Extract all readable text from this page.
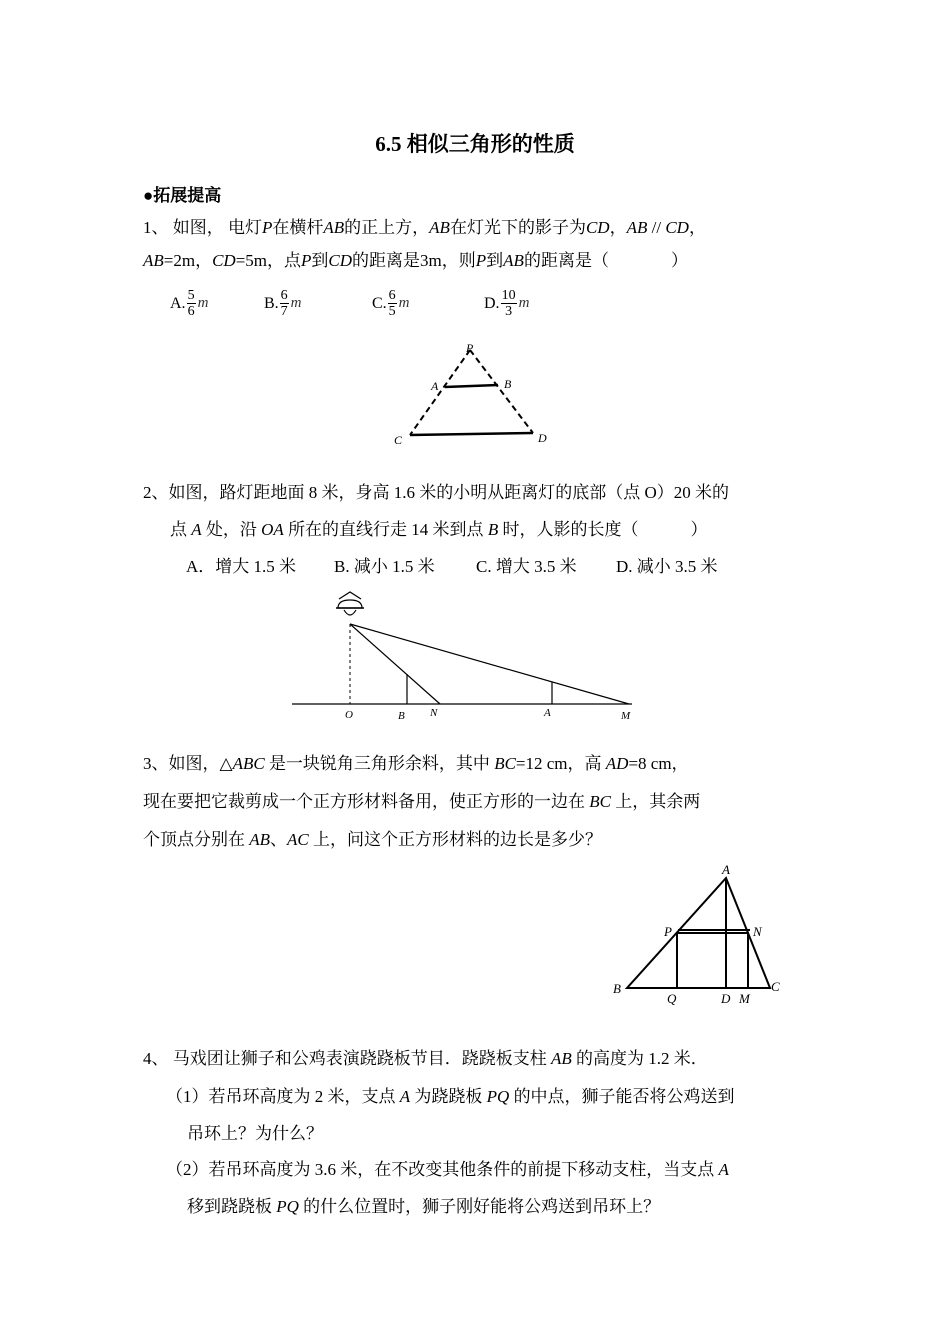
6.5 相似三角形的性质
●拓展提高
1、 如图， 电灯P在横杆AB的正上方，AB在灯光下的影子为CD，AB // CD，
AB=2m，CD=5m，点P到CD的距离是3m，则P到AB的距离是（	）
A. $\frac{5}{6}$ m	B. $\frac{6}{7}$ m	C. $\frac{6}{5}$ m	D. $\frac{10}{3}$ m
P
A	B
C	D
2、如图，路灯距地面 8 米，身高 1.6 米的小明从距离灯的底部（点 O）20 米的
点 A 处，沿 OA 所在的直线行走 14 米到点 B 时，人影的长度（	）
A．增大 1.5 米 B. 减小 1.5 米 C. 增大 3.5 米 D. 减小 3.5 米
O	B N	A	M
3、如图，△ABC 是一块锐角三角形余料，其中 BC=12 cm，高 AD=8 cm，
现在要把它裁剪成一个正方形材料备用，使正方形的一边在 BC 上，其余两
个顶点分别在 AB、AC 上，问这个正方形材料的边长是多少？
A
P	N
B
Q	D M
C
4、 马戏团让狮子和公鸡表演跷跷板节目．跷跷板支柱 AB 的高度为 1.2 米．
（1）若吊环高度为 2 米，支点 A 为跷跷板 PQ 的中点，狮子能否将公鸡送到
吊环上？为什么？
（2）若吊环高度为 3.6 米，在不改变其他条件的前提下移动支柱，当支点 A
移到跷跷板 PQ 的什么位置时，狮子刚好能将公鸡送到吊环上？
